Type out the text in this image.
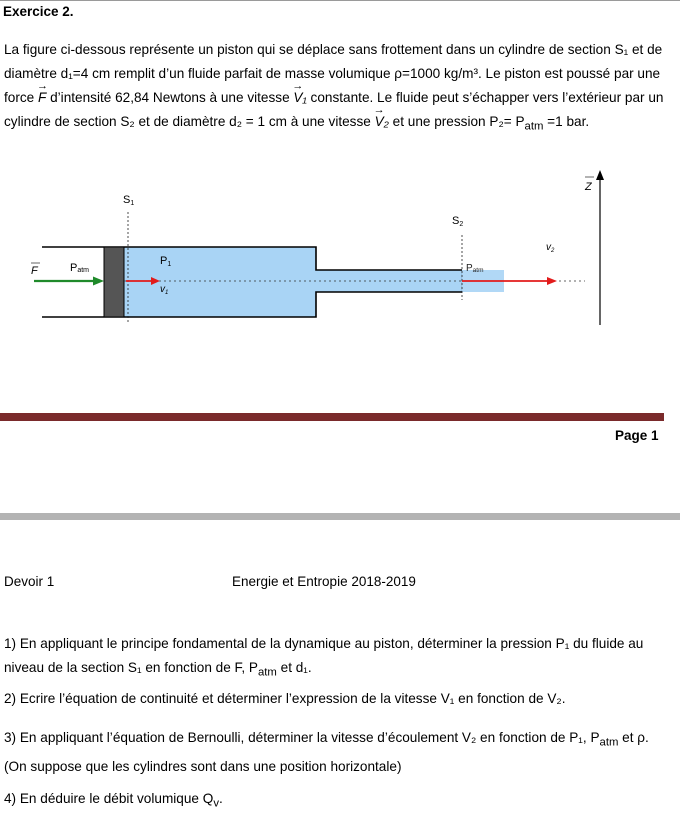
Exercice 2.
La figure ci-dessous représente un piston qui se déplace sans frottement dans un cylindre de section S₁ et de diamètre d₁=4 cm remplit d’un fluide parfait de masse volumique ρ=1000 kg/m³. Le piston est poussé par une force → F d’intensité 62,84 Newtons à une vitesse → V₁ constante. Le fluide peut s’échapper vers l’extérieur par un cylindre de section S₂ et de diamètre d₂ = 1 cm à une vitesse → V₂ et une pression $P_2= P_{atm} =1$ bar.
F	Patm
S1
P1
$v_1$
S2
Patm
$v_2$
Z
Page 1
Devoir 1	Energie et Entropie 2018-2019
1) En appliquant le principe fondamental de la dynamique au piston, déterminer la pression P₁ du fluide au niveau de la section S₁ en fonction de F, $P_{atm}$ et d₁.
2) Ecrire l’équation de continuité et déterminer l’expression de la vitesse V₁ en fonction de V₂.
3) En appliquant l’équation de Bernoulli, déterminer la vitesse d’écoulement V₂ en fonction de P₁, $P_{atm}$ et ρ. (On suppose que les cylindres sont dans une position horizontale)
4) En déduire le débit volumique $Q_v$.
